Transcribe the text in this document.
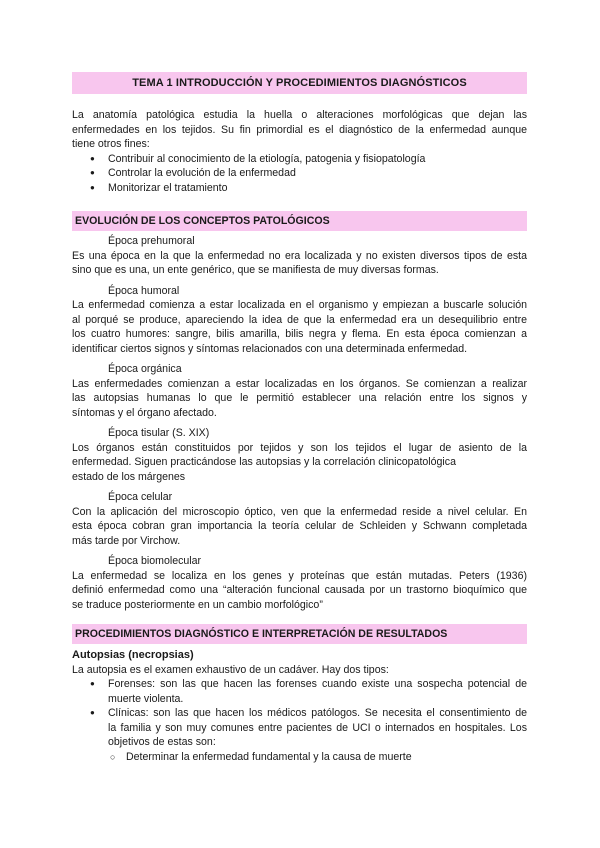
TEMA 1 INTRODUCCIÓN Y PROCEDIMIENTOS DIAGNÓSTICOS

La anatomía patológica estudia la huella o alteraciones morfológicas que dejan las

enfermedades en los tejidos. Su fin primordial es el diagnóstico de la enfermedad aunque

tiene otros fines:

● Contribuir al conocimiento de la etiología, patogenia y fisiopatología
● Controlar la evolución de la enfermedad
● Monitorizar el tratamiento
EVOLUCIÓN DE LOS CONCEPTOS PATOLÓGICOS
Época prehumoral

Es una época en la que la enfermedad no era localizada y no existen diversos tipos de esta

sino que es una, un ente genérico, que se manifiesta de muy diversas formas.

Época humoral

La enfermedad comienza a estar localizada en el organismo y empiezan a buscarle solución

al porqué se produce, apareciendo la idea de que la enfermedad era un desequilibrio entre

los cuatro humores: sangre, bilis amarilla, bilis negra y flema. En esta época comienzan a

identificar ciertos signos y síntomas relacionados con una determinada enfermedad.

Época orgánica

Las enfermedades comienzan a estar localizadas en los órganos. Se comienzan a realizar

las autopsias humanas lo que le permitió establecer una relación entre los signos y

síntomas y el órgano afectado.

Época tisular (S. XIX)

Los órganos están constituidos por tejidos y son los tejidos el lugar de asiento de la

enfermedad. Siguen practicándose las autopsias y la correlación clinicopatológica

estado de los márgenes

Época celular

Con la aplicación del microscopio óptico, ven que la enfermedad reside a nivel celular. En

esta época cobran gran importancia la teoría celular de Schleiden y Schwann completada

más tarde por Virchow.

Época biomolecular

La enfermedad se localiza en los genes y proteínas que están mutadas. Peters (1936)

definió enfermedad como una “alteración funcional causada por un trastorno bioquímico que

se traduce posteriormente en un cambio morfológico”

PROCEDIMIENTOS DIAGNÓSTICO E INTERPRETACIÓN DE RESULTADOS
Autopsias (necropsias)

La autopsia es el examen exhaustivo de un cadáver. Hay dos tipos:

● Forenses: son las que hacen las forenses cuando existe una sospecha potencial de
muerte violenta.
● Clínicas: son las que hacen los médicos patólogos. Se necesita el consentimiento de
la familia y son muy comunes entre pacientes de UCI o internados en hospitales. Los
objetivos de estas son:
○ Determinar la enfermedad fundamental y la causa de muerte
